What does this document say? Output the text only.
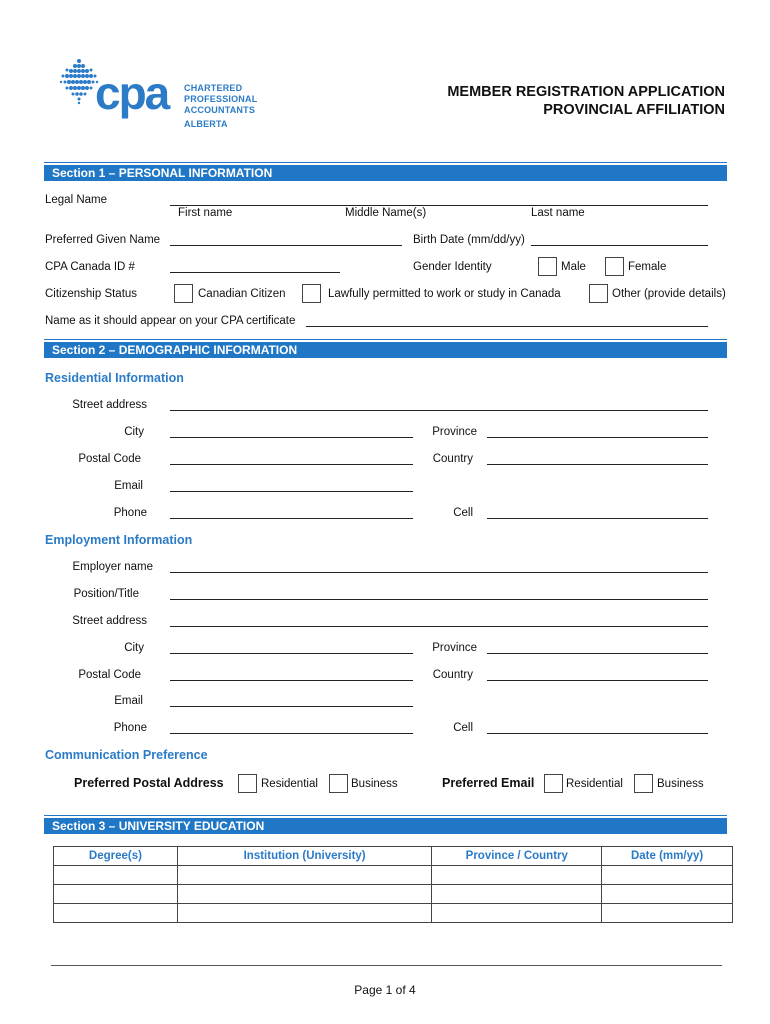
cpa CHARTERED
PROFESSIONAL
ACCOUNTANTS
ALBERTA
MEMBER REGISTRATION APPLICATION
PROVINCIAL AFFILIATION
Section 1 – PERSONAL INFORMATION
Legal Name
First name	Middle Name(s)	Last name
Preferred Given Name	Birth Date (mm/dd/yy)
CPA Canada ID #	Gender Identity	Male	Female
Citizenship Status	Canadian Citizen	Lawfully permitted to work or study in Canada	Other (provide details)
Name as it should appear on your CPA certificate
Section 2 – DEMOGRAPHIC INFORMATION
Residential Information
Street address
City	Province
Postal Code	Country
Email
Phone	Cell
Employment Information
Employer name
Position/Title
Street address
City	Province
Postal Code	Country
Email
Phone	Cell
Communication Preference
Preferred Postal Address	Residential	Business	Preferred Email	Residential	Business
Section 3 – UNIVERSITY EDUCATION
Degree(s)	Institution (University)	Province / Country	Date (mm/yy)

Page 1 of 4
